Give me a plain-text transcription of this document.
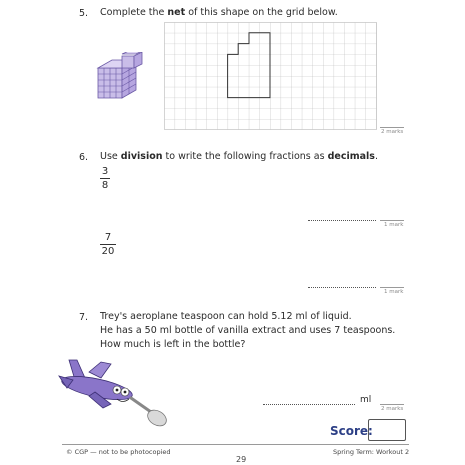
5. Complete the net of this shape on the grid below.
2 marks
6. Use division to write the following fractions as decimals.
3
8
1 mark
7
20
1 mark
7. Trey's aeroplane teaspoon can hold 5.12 ml of liquid.
He has a 50 ml bottle of vanilla extract and uses 7 teaspoons.
How much is left in the bottle?
ml
2 marks
Score:
© CGP — not to be photocopied
29
Spring Term: Workout 2
